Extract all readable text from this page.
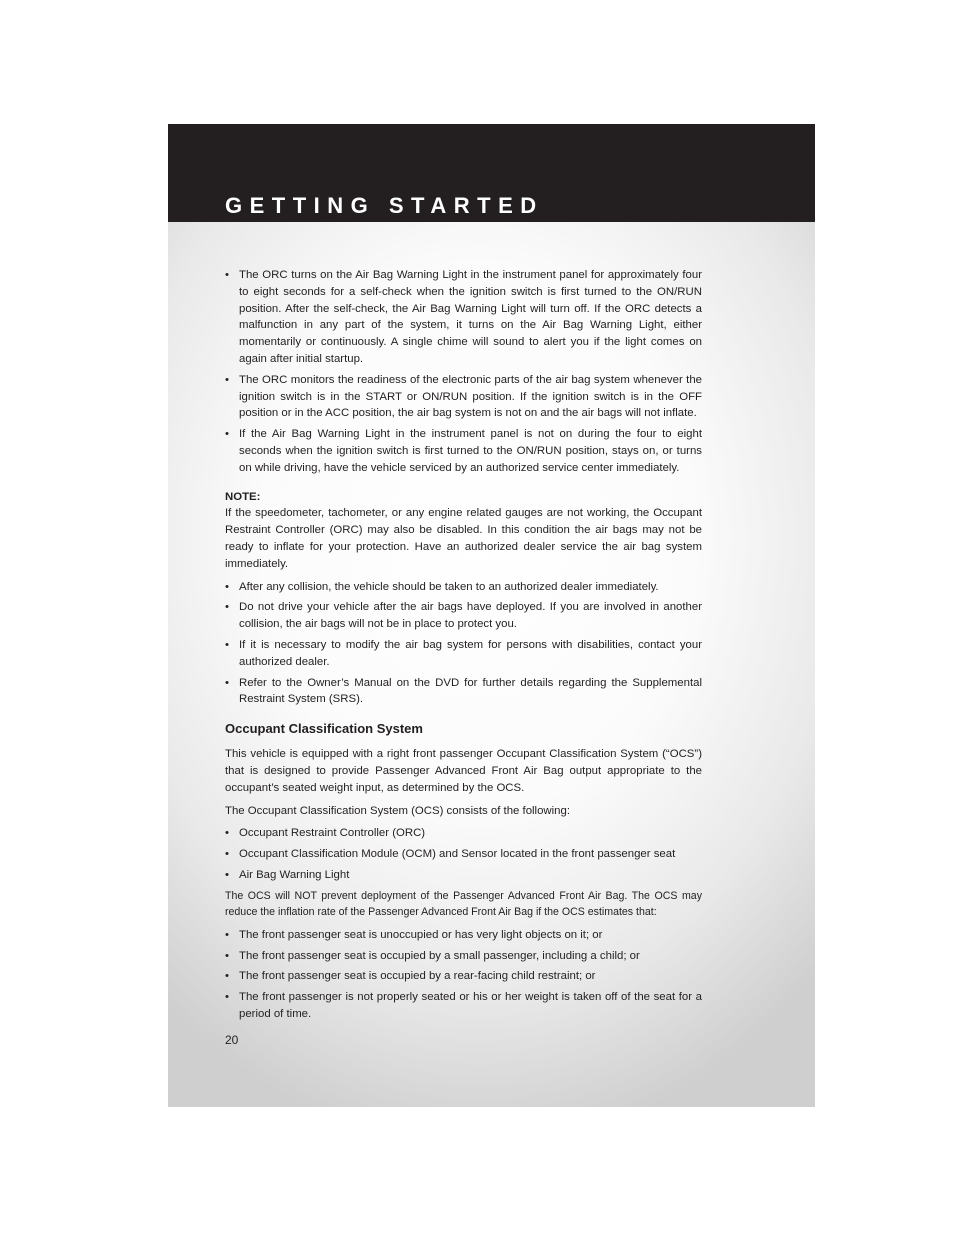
GETTING STARTED
• The ORC turns on the Air Bag Warning Light in the instrument panel for approximately four to eight seconds for a self-check when the ignition switch is first turned to the ON/RUN position. After the self-check, the Air Bag Warning Light will turn off. If the ORC detects a malfunction in any part of the system, it turns on the Air Bag Warning Light, either momentarily or continuously. A single chime will sound to alert you if the light comes on again after initial startup.
• The ORC monitors the readiness of the electronic parts of the air bag system whenever the ignition switch is in the START or ON/RUN position. If the ignition switch is in the OFF position or in the ACC position, the air bag system is not on and the air bags will not inflate.
• If the Air Bag Warning Light in the instrument panel is not on during the four to eight seconds when the ignition switch is first turned to the ON/RUN position, stays on, or turns on while driving, have the vehicle serviced by an authorized service center immediately.
NOTE:

If the speedometer, tachometer, or any engine related gauges are not working, the Occupant Restraint Controller (ORC) may also be disabled. In this condition the air bags may not be ready to inflate for your protection. Have an authorized dealer service the air bag system immediately.

• After any collision, the vehicle should be taken to an authorized dealer immediately.
• Do not drive your vehicle after the air bags have deployed. If you are involved in another collision, the air bags will not be in place to protect you.
• If it is necessary to modify the air bag system for persons with disabilities, contact your authorized dealer.
• Refer to the Owner’s Manual on the DVD for further details regarding the Supplemental Restraint System (SRS).
Occupant Classification System

This vehicle is equipped with a right front passenger Occupant Classification System (“OCS”) that is designed to provide Passenger Advanced Front Air Bag output appropriate to the occupant’s seated weight input, as determined by the OCS.

The Occupant Classification System (OCS) consists of the following:

• Occupant Restraint Controller (ORC)
• Occupant Classification Module (OCM) and Sensor located in the front passenger seat
• Air Bag Warning Light

The OCS will NOT prevent deployment of the Passenger Advanced Front Air Bag. The OCS may reduce the inflation rate of the Passenger Advanced Front Air Bag if the OCS estimates that:

• The front passenger seat is unoccupied or has very light objects on it; or
• The front passenger seat is occupied by a small passenger, including a child; or
• The front passenger seat is occupied by a rear-facing child restraint; or
• The front passenger is not properly seated or his or her weight is taken off of the seat for a period of time.
20
